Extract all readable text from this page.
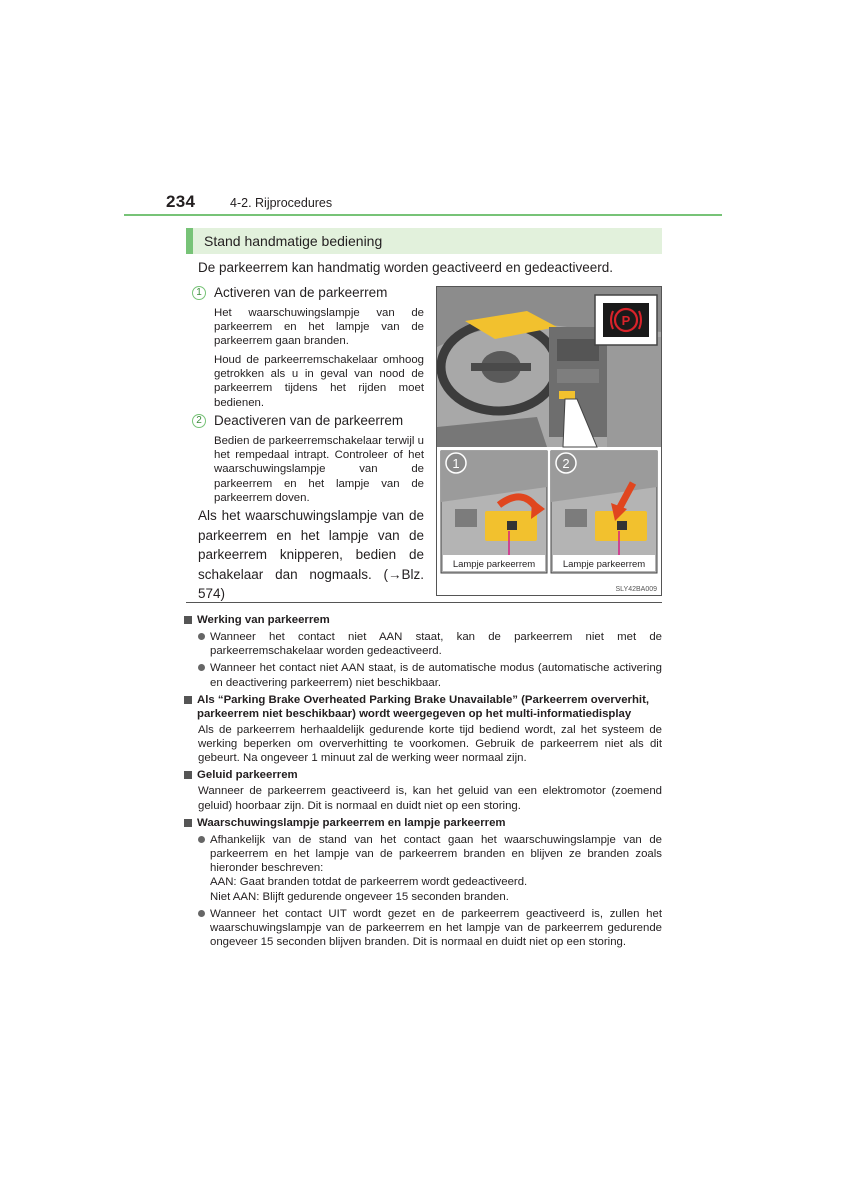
234	4-2. Rijprocedures
Stand handmatige bediening
De parkeerrem kan handmatig worden geactiveerd en gedeactiveerd.
1 Activeren van de parkeerrem
Het waarschuwingslampje van de parkeerrem en het lampje van de parkeerrem gaan branden.
Houd de parkeerremschakelaar omhoog getrokken als u in geval van nood de parkeerrem tijdens het rijden moet bedienen.
2 Deactiveren van de parkeerrem
Bedien de parkeerremschakelaar terwijl u het rempedaal intrapt. Controleer of het waarschuwingslampje van de parkeerrem en het lampje van de parkeerrem doven.
Als het waarschuwingslampje van de parkeerrem en het lampje van de parkeerrem knipperen, bedien de schakelaar dan nogmaals. (→Blz. 574)
P
1
Lampje parkeerrem
2
Lampje parkeerrem
SLY42BA009
Werking van parkeerrem
Wanneer het contact niet AAN staat, kan de parkeerrem niet met de parkeerremschakelaar worden gedeactiveerd.
Wanneer het contact niet AAN staat, is de automatische modus (automatische activering en deactivering parkeerrem) niet beschikbaar.
Als “Parking Brake Overheated Parking Brake Unavailable” (Parkeerrem oververhit,
parkeerrem niet beschikbaar) wordt weergegeven op het multi-informatiedisplay
Als de parkeerrem herhaaldelijk gedurende korte tijd bediend wordt, zal het systeem de werking beperken om oververhitting te voorkomen. Gebruik de parkeerrem niet als dit gebeurt. Na ongeveer 1 minuut zal de werking weer normaal zijn.
Geluid parkeerrem
Wanneer de parkeerrem geactiveerd is, kan het geluid van een elektromotor (zoemend geluid) hoorbaar zijn. Dit is normaal en duidt niet op een storing.
Waarschuwingslampje parkeerrem en lampje parkeerrem
Afhankelijk van de stand van het contact gaan het waarschuwingslampje van de parkeerrem en het lampje van de parkeerrem branden en blijven ze branden zoals hieronder beschreven:
AAN: Gaat branden totdat de parkeerrem wordt gedeactiveerd.
Niet AAN: Blijft gedurende ongeveer 15 seconden branden.
Wanneer het contact UIT wordt gezet en de parkeerrem geactiveerd is, zullen het waarschuwingslampje van de parkeerrem en het lampje van de parkeerrem gedurende ongeveer 15 seconden blijven branden. Dit is normaal en duidt niet op een storing.
